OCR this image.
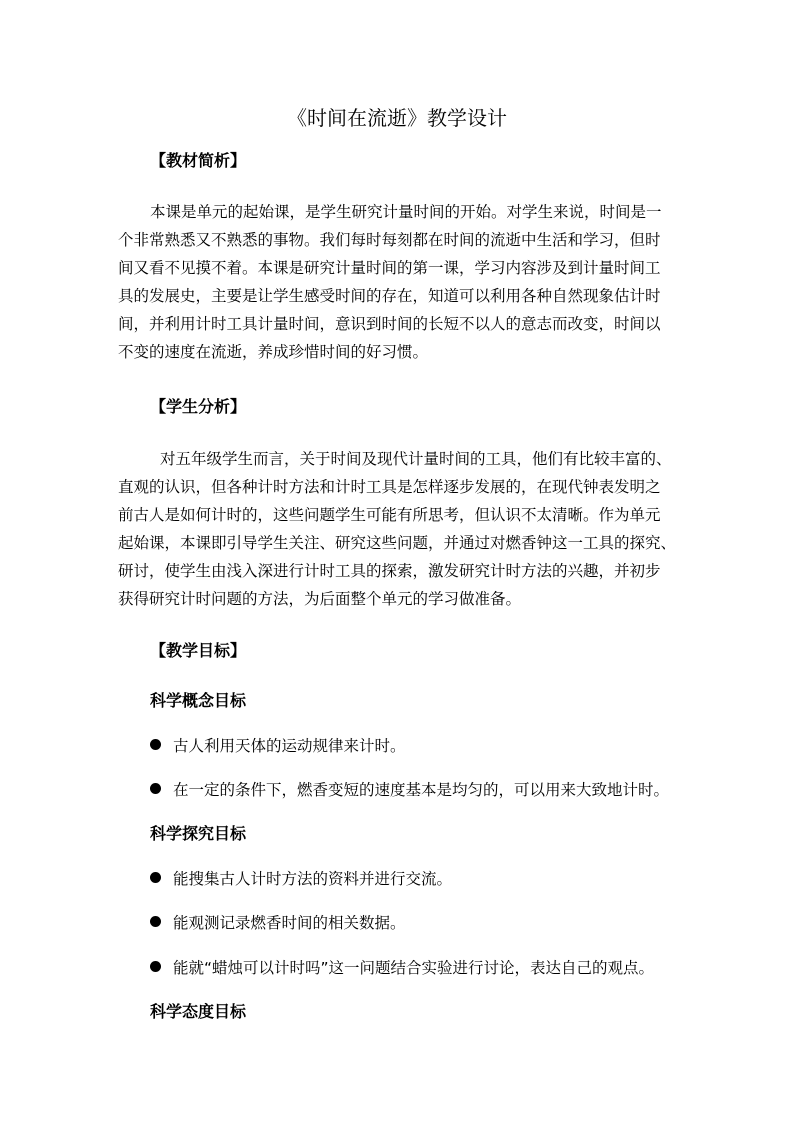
《时间在流逝》教学设计
【教材简析】
本课是单元的起始课，是学生研究计量时间的开始。对学生来说，时间是一
个非常熟悉又不熟悉的事物。我们每时每刻都在时间的流逝中生活和学习，但时
间又看不见摸不着。本课是研究计量时间的第一课，学习内容涉及到计量时间工
具的发展史，主要是让学生感受时间的存在，知道可以利用各种自然现象估计时
间，并利用计时工具计量时间，意识到时间的长短不以人的意志而改变，时间以
不变的速度在流逝，养成珍惜时间的好习惯。
【学生分析】
对五年级学生而言，关于时间及现代计量时间的工具，他们有比较丰富的、
直观的认识，但各种计时方法和计时工具是怎样逐步发展的，在现代钟表发明之
前古人是如何计时的，这些问题学生可能有所思考，但认识不太清晰。作为单元
起始课，本课即引导学生关注、研究这些问题，并通过对燃香钟这一工具的探究、
研讨，使学生由浅入深进行计时工具的探索，激发研究计时方法的兴趣，并初步
获得研究计时问题的方法，为后面整个单元的学习做准备。
【教学目标】
科学概念目标

古人利用天体的运动规律来计时。

在一定的条件下，燃香变短的速度基本是均匀的，可以用来大致地计时。

科学探究目标

能搜集古人计时方法的资料并进行交流。

能观测记录燃香时间的相关数据。

能就“蜡烛可以计时吗”这一问题结合实验进行讨论，表达自己的观点。

科学态度目标
